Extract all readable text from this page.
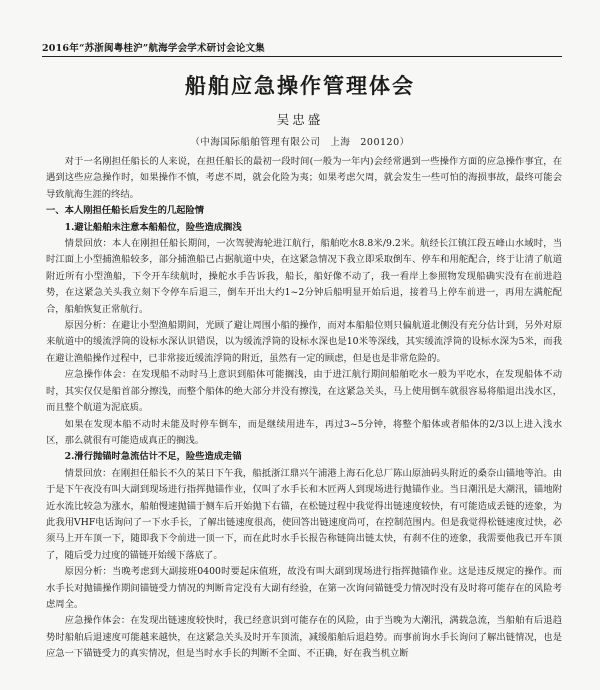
2016年“苏浙闽粤桂沪”航海学会学术研讨会论文集
船舶应急操作管理体会
吴忠盛
（中海国际船舶管理有限公司　上海　200120）

对于一名刚担任船长的人来说，在担任船长的最初一段时间(一般为一年内)会经常遇到一些操作方面的应急操作事宜，在遇到这些应急操作时，如果操作不慎，考虑不周，就会化险为夷；如果考虑欠周，就会发生一些可怕的海损事故，最终可能会导致航海生涯的终结。

一、本人刚担任船长后发生的几起险情
1.避让船舶未注意本船船位，险些造成搁浅

情景回放：本人在刚担任船长期间，一次驾驶海轮进江航行，船舶吃水8.8米/9.2米。航经长江镇江段五峰山水域时，当时江面上小型捕渔船较多，部分捕渔船已占据航道中央，在这紧急情况下我立即采取倒车、停车和用舵配合，终于让清了航道附近所有小型渔船，下令开车续航时，操舵水手告诉我，船长，船好像不动了，我一看岸上参照物发现船确实没有在前进趋势，在这紧急关头我立刻下令停车后退三，倒车开出大约1~2分钟后船明显开始后退，接着马上停车前进一，再用左满舵配合，船舶恢复正常航行。

原因分析：在避让小型渔船期间，光顾了避让周围小船的操作，而对本船船位则只偏航道北侧没有充分估计到，另外对原来航道中的缓流浮筒的设标水深认识错误，以为缓流浮筒的设标水深也是10米等深线，其实缓流浮筒的设标水深为5米，而我在避让渔船操作过程中，已非常接近缓流浮筒的附近，虽然有一定的顾虑，但是也是非常危险的。

应急操作体会：在发现船不动时马上意识到船体可能搁浅，由于进江航行期间船舶吃水一般为平吃水，在发现船体不动时，其实仅仅是船首部分擦浅，而整个船体的绝大部分并没有擦浅，在这紧急关头，马上使用倒车就很容易将船退出浅水区，而且整个航道为泥底质。

如果在发现本船不动时未能及时停车倒车，而是继续用进车，再过3~5分钟，将整个船体或者船体的2/3以上进入浅水区，那么就很有可能造成真正的搁浅。

2.滑行抛锚时急流估计不足，险些造成走锚

情景回放：在刚担任船长不久的某日下午我，船抵浙江鼎兴午浦港上海石化总厂陈山原油码头附近的桑奈山锚地等泊。由于是下午夜没有叫大副到现场进行指挥抛锚作业，仅叫了水手长和木匠两人到现场进行抛锚作业。当日潮汛是大潮汛，锚地附近水流比较急为涨水，船舶慢速抛锚于侧车后开始抛下右锚，在松链过程中我觉得出链速度较快，有可能造成丢链的迹象，为此我用VHF电话询问了一下水手长，了解出链速度很高，使回答出链速度尚可，在控制范围内。但是我觉得松链速度过快，必须马上开车顶一下，随即我下令前进一顶一下，而在此时水手长报告称链筒出链太快，有刹不住的迹象，我需要他我已开车顶了，随后受力过度的锚链开始缓下落底了。

原因分析：当晚考虑到大副接班0400时要起床值班，故没有叫大副到现场进行指挥抛锚作业。这是违反规定的操作。而水手长对抛锚操作期间锚链受力情况的判断肯定没有大副有经验，在第一次询问锚链受力情况时没有及时将可能存在的风险考虑周全。

应急操作体会：在发现出链速度较快时，我已经意识到可能存在的风险，由于当晚为大潮汛，满载急流，当船舶有后退趋势时船舶后退速度可能越来越快，在这紧急关头及时开车顶流，减缓船舶后退趋势。而事前询水手长询问了解出链情况，也是应急一下锚链受力的真实情况，但是当时水手长的判断不全面、不正确，好在我当机立断
